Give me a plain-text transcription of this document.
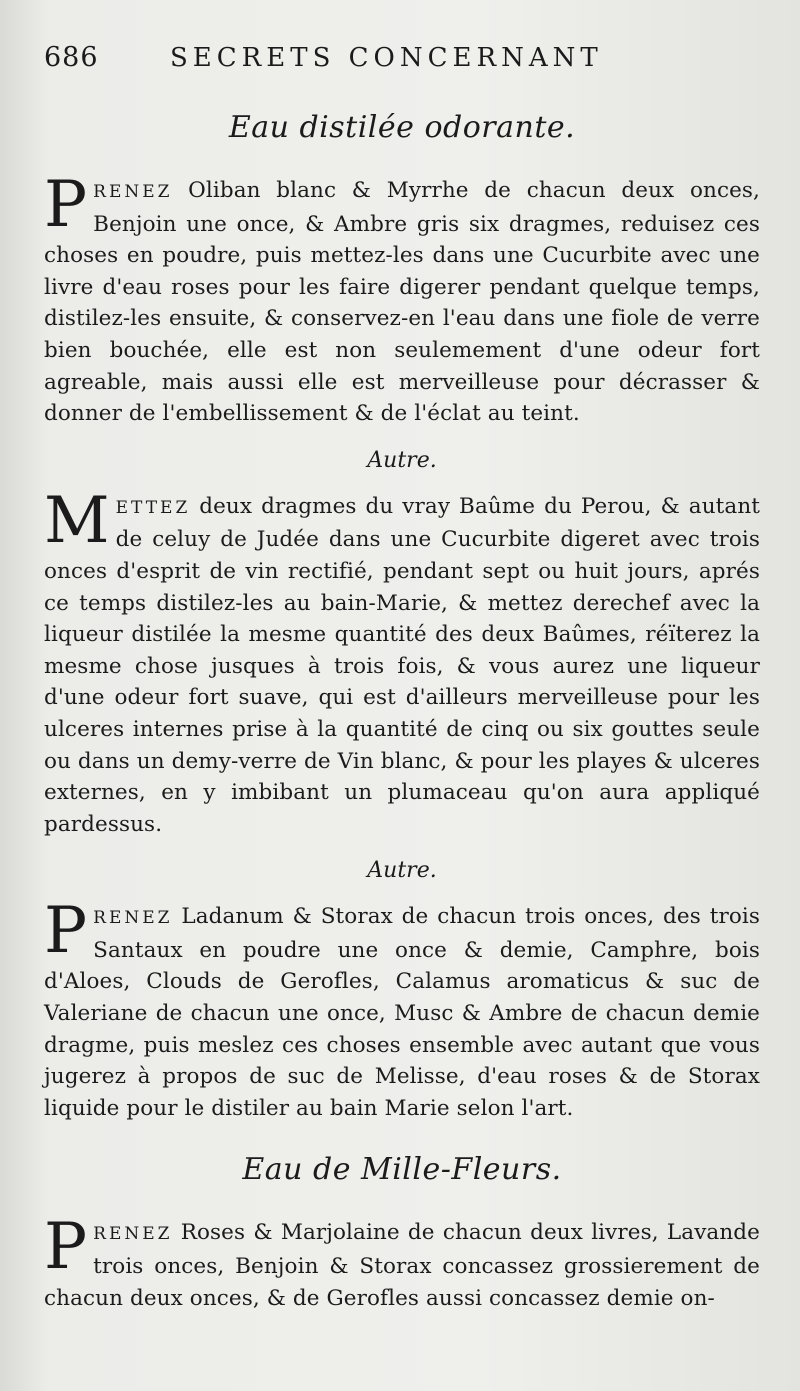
686	SECRETS CONCERNANT
Eau distilée odorante.

PRENEZ Oliban blanc & Myrrhe de chacun deux onces, Benjoin une once, & Ambre gris six dragmes, reduisez ces choses en poudre, puis mettez-les dans une Cucurbite avec une livre d'eau roses pour les faire digerer pendant quelque temps, distilez-les ensuite, & conservez-en l'eau dans une fiole de verre bien bouchée, elle est non seulemement d'une odeur fort agreable, mais aussi elle est merveilleuse pour décrasser & donner de l'embellissement & de l'éclat au teint.

Autre.

METTEZ deux dragmes du vray Baûme du Perou, & autant de celuy de Judée dans une Cucurbite digeret avec trois onces d'esprit de vin rectifié, pendant sept ou huit jours, aprés ce temps distilez-les au bain-Marie, & mettez derechef avec la liqueur distilée la mesme quantité des deux Baûmes, réïterez la mesme chose jusques à trois fois, & vous aurez une liqueur d'une odeur fort suave, qui est d'ailleurs merveilleuse pour les ulceres internes prise à la quantité de cinq ou six gouttes seule ou dans un demy-verre de Vin blanc, & pour les playes & ulceres externes, en y imbibant un plumaceau qu'on aura appliqué pardessus.

Autre.

PRENEZ Ladanum & Storax de chacun trois onces, des trois Santaux en poudre une once & demie, Camphre, bois d'Aloes, Clouds de Gerofles, Calamus aromaticus & suc de Valeriane de chacun une once, Musc & Ambre de chacun demie dragme, puis meslez ces choses ensemble avec autant que vous jugerez à propos de suc de Melisse, d'eau roses & de Storax liquide pour le distiler au bain Marie selon l'art.

Eau de Mille-Fleurs.

PRENEZ Roses & Marjolaine de chacun deux livres, Lavande trois onces, Benjoin & Storax concassez grossierement de chacun deux onces, & de Gerofles aussi concassez demie on-
